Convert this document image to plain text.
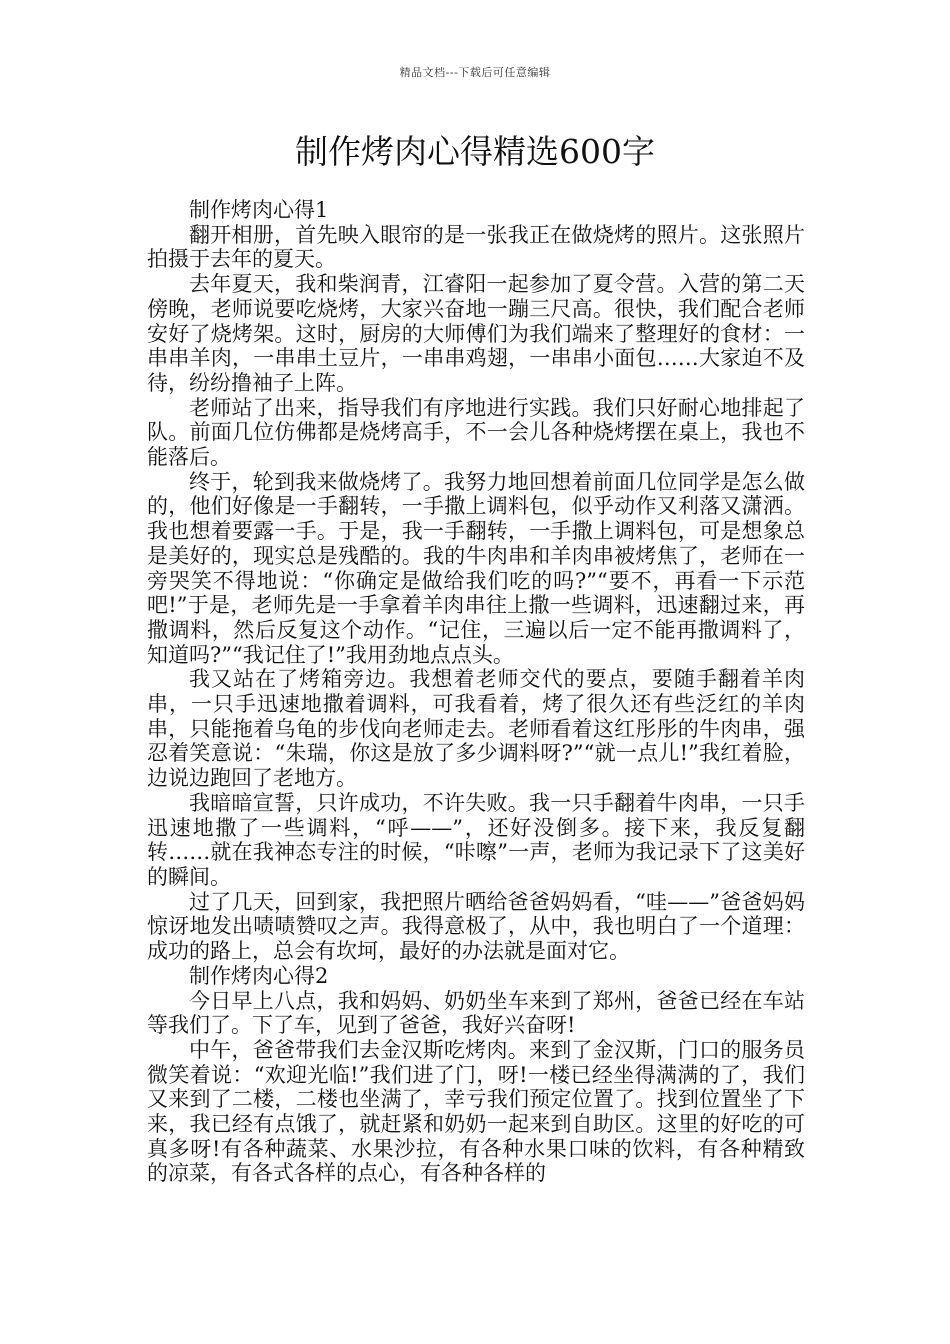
精品文档---下载后可任意编辑
制作烤肉心得精选600字

制作烤肉心得1

翻开相册，首先映入眼帘的是一张我正在做烧烤的照片。这张照片拍摄于去年的夏天。

去年夏天，我和柴润青，江睿阳一起参加了夏令营。入营的第二天傍晚，老师说要吃烧烤，大家兴奋地一蹦三尺高。很快，我们配合老师安好了烧烤架。这时，厨房的大师傅们为我们端来了整理好的食材：一串串羊肉，一串串土豆片，一串串鸡翅，一串串小面包……大家迫不及待，纷纷撸袖子上阵。

老师站了出来，指导我们有序地进行实践。我们只好耐心地排起了队。前面几位仿佛都是烧烤高手，不一会儿各种烧烤摆在桌上，我也不能落后。

终于，轮到我来做烧烤了。我努力地回想着前面几位同学是怎么做的，他们好像是一手翻转，一手撒上调料包，似乎动作又利落又潇洒。我也想着要露一手。于是，我一手翻转，一手撒上调料包，可是想象总是美好的，现实总是残酷的。我的牛肉串和羊肉串被烤焦了，老师在一旁哭笑不得地说：“你确定是做给我们吃的吗?”“要不，再看一下示范吧!”于是，老师先是一手拿着羊肉串往上撒一些调料，迅速翻过来，再撒调料，然后反复这个动作。“记住，三遍以后一定不能再撒调料了，知道吗?”“我记住了!”我用劲地点点头。

我又站在了烤箱旁边。我想着老师交代的要点，要随手翻着羊肉串，一只手迅速地撒着调料，可我看着，烤了很久还有些泛红的羊肉串，只能拖着乌龟的步伐向老师走去。老师看着这红彤彤的牛肉串，强忍着笑意说：“朱瑞，你这是放了多少调料呀?”“就一点儿!”我红着脸，边说边跑回了老地方。

我暗暗宣誓，只许成功，不许失败。我一只手翻着牛肉串，一只手迅速地撒了一些调料，“呼——”，还好没倒多。接下来，我反复翻转……就在我神态专注的时候，“咔嚓”一声，老师为我记录下了这美好的瞬间。

过了几天，回到家，我把照片晒给爸爸妈妈看，“哇——”爸爸妈妈惊讶地发出啧啧赞叹之声。我得意极了，从中，我也明白了一个道理：成功的路上，总会有坎坷，最好的办法就是面对它。

制作烤肉心得2

今日早上八点，我和妈妈、奶奶坐车来到了郑州，爸爸已经在车站等我们了。下了车，见到了爸爸，我好兴奋呀!

中午，爸爸带我们去金汉斯吃烤肉。来到了金汉斯，门口的服务员微笑着说：“欢迎光临!”我们进了门，呀!一楼已经坐得满满的了，我们又来到了二楼，二楼也坐满了，幸亏我们预定位置了。找到位置坐了下来，我已经有点饿了，就赶紧和奶奶一起来到自助区。这里的好吃的可真多呀!有各种蔬菜、水果沙拉，有各种水果口味的饮料，有各种精致的凉菜，有各式各样的点心，有各种各样的
